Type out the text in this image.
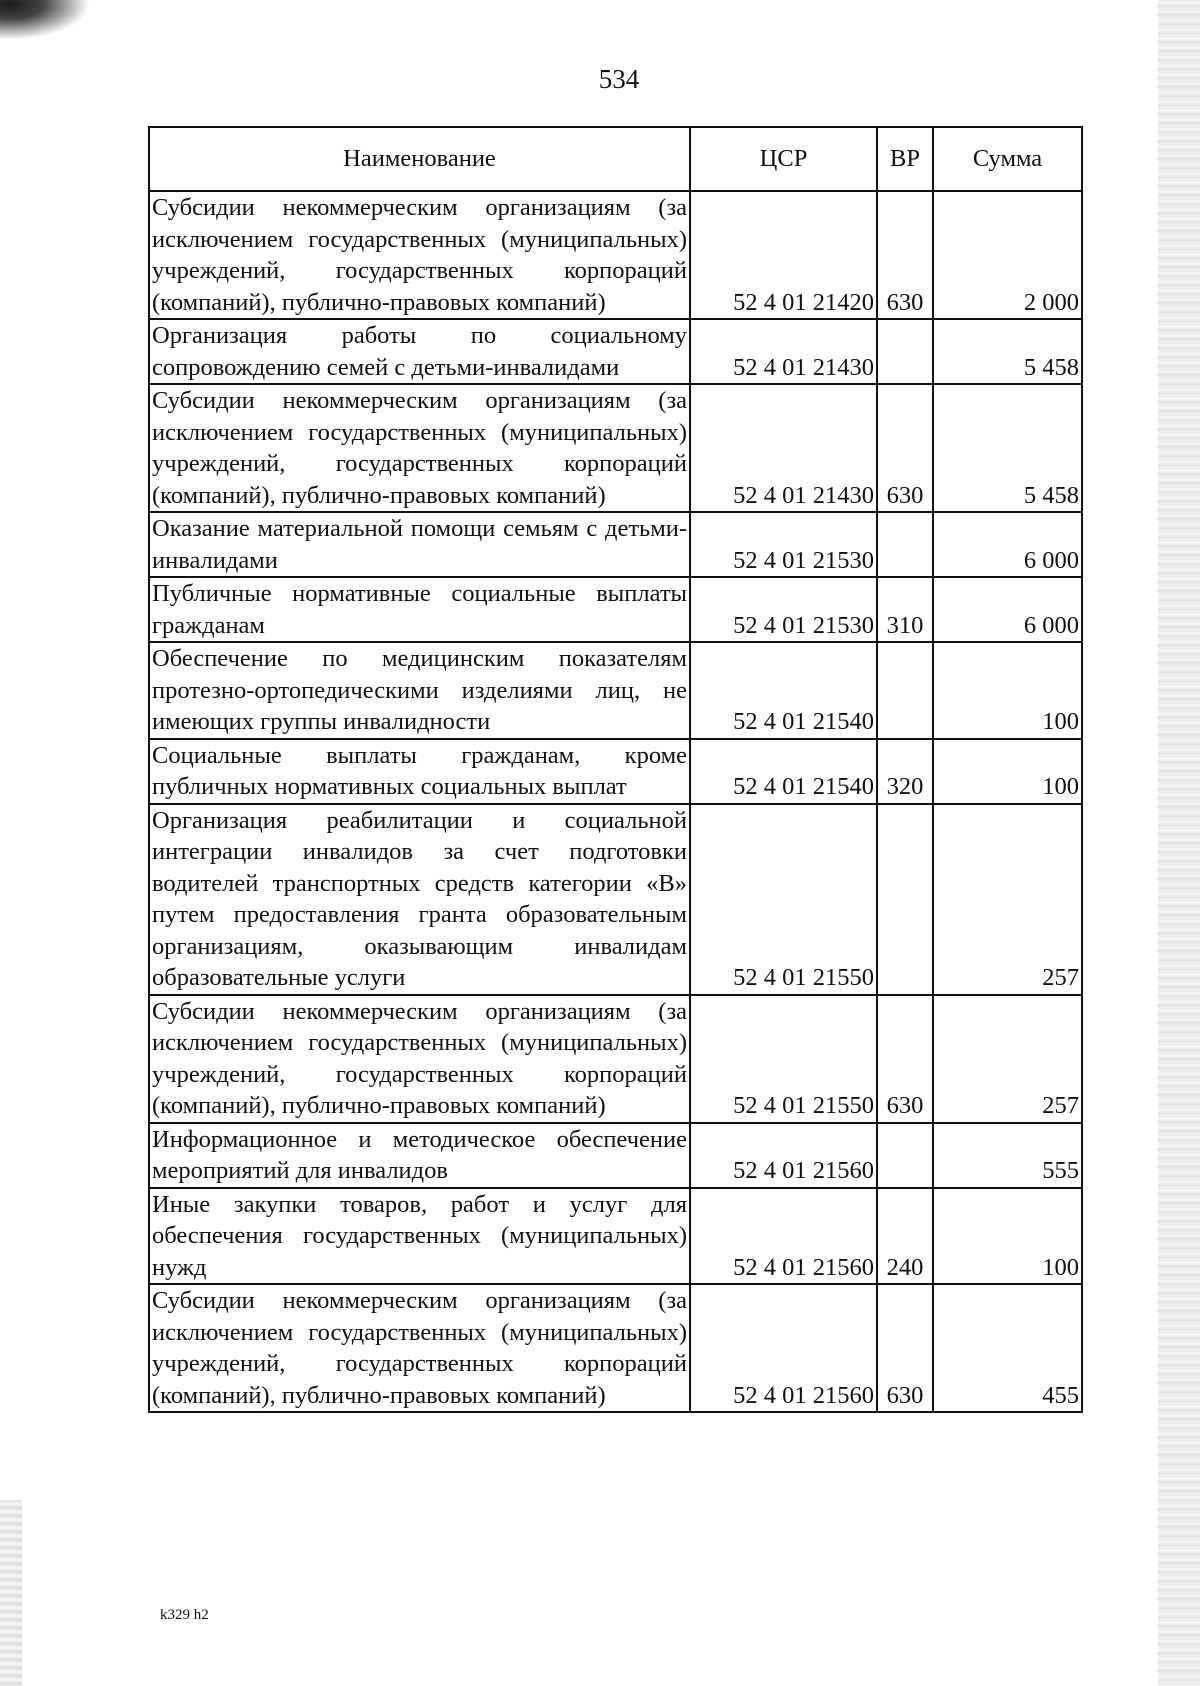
534
Наименование	ЦСР	ВР	Сумма
Субсидии некоммерческим организациям (за исключением государственных (муниципальных) учреждений, государственных корпораций (компаний), публично-правовых компаний)	52 4 01 21420	630	2 000
Организация работы по социальному сопровождению семей с детьми-инвалидами	52 4 01 21430		5 458
Субсидии некоммерческим организациям (за исключением государственных (муниципальных) учреждений, государственных корпораций (компаний), публично-правовых компаний)	52 4 01 21430	630	5 458
Оказание материальной помощи семьям с детьми-инвалидами	52 4 01 21530		6 000
Публичные нормативные социальные выплаты гражданам	52 4 01 21530	310	6 000
Обеспечение по медицинским показателям протезно-ортопедическими изделиями лиц, не имеющих группы инвалидности	52 4 01 21540		100
Социальные выплаты гражданам, кроме публичных нормативных социальных выплат	52 4 01 21540	320	100
Организация реабилитации и социальной интеграции инвалидов за счет подготовки водителей транспортных средств категории «В» путем предоставления гранта образовательным организациям, оказывающим инвалидам образовательные услуги	52 4 01 21550		257
Субсидии некоммерческим организациям (за исключением государственных (муниципальных) учреждений, государственных корпораций (компаний), публично-правовых компаний)	52 4 01 21550	630	257
Информационное и методическое обеспечение мероприятий для инвалидов	52 4 01 21560		555
Иные закупки товаров, работ и услуг для обеспечения государственных (муниципальных) нужд	52 4 01 21560	240	100
Субсидии некоммерческим организациям (за исключением государственных (муниципальных) учреждений, государственных корпораций (компаний), публично-правовых компаний)	52 4 01 21560	630	455
k329 h2
